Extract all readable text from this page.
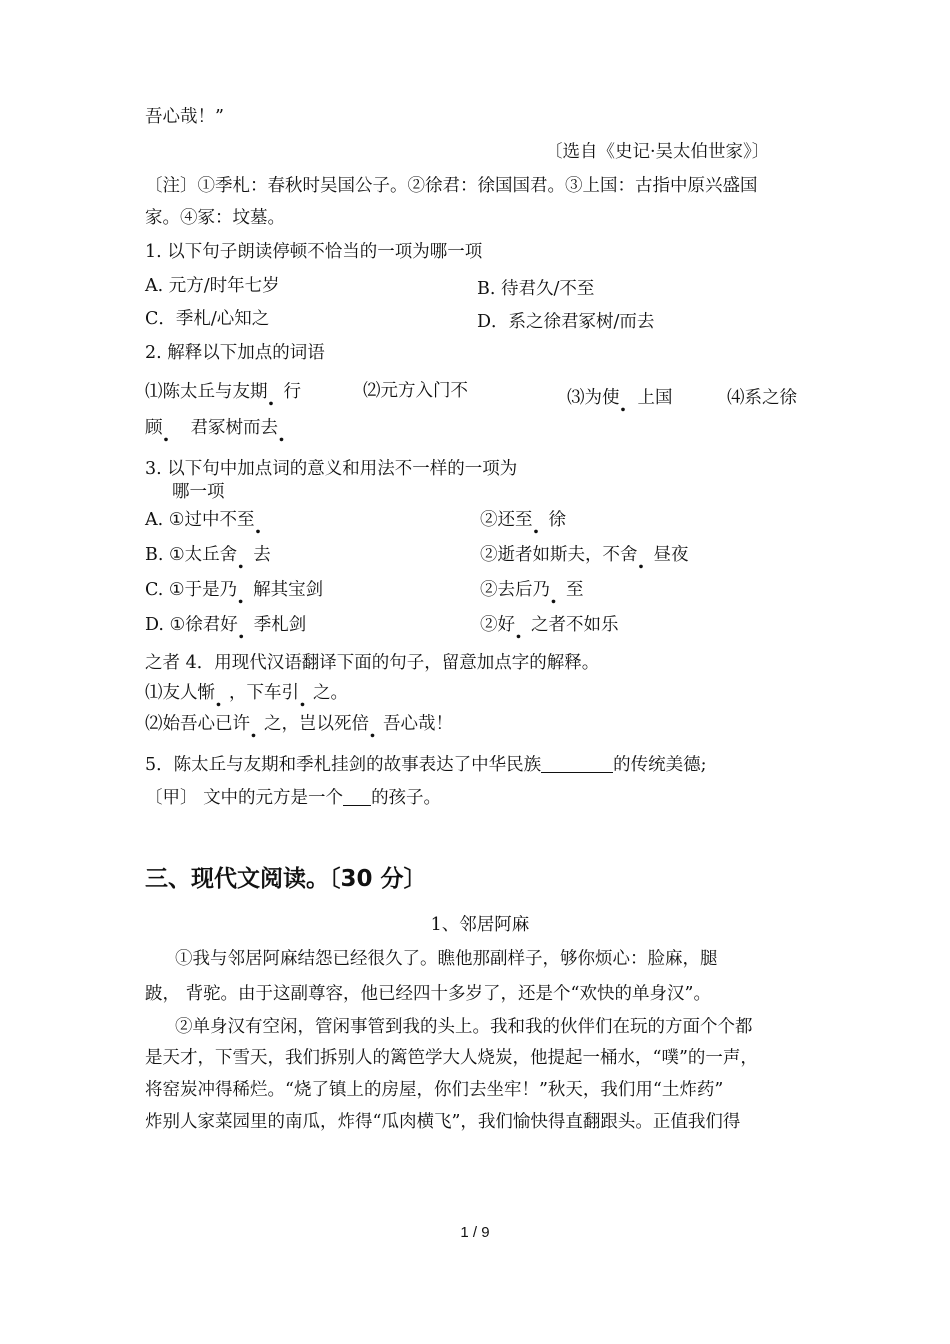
吾心哉！”
〔选自《史记·吴太伯世家》〕
〔注〕①季札：春秋时吴国公子。②徐君：徐国国君。③上国：古指中原兴盛国
家。④冢：坟墓。
1. 以下句子朗读停顿不恰当的一项为哪一项
A. 元方/时年七岁	B. 待君久/不至
C．季札/心知之	D．系之徐君冢树/而去
2. 解释以下加点的词语
⑴陈太丘与友期 行	⑵元方入门不	⑶为使 上国	⑷系之徐
顾 君冢树而去
3. 以下句中加点词的意义和用法不一样的一项为
哪一项
A. ①过中不至	②还至 徐
B. ①太丘舍 去	②逝者如斯夫，不舍 昼夜
C. ①于是乃 解其宝剑	②去后乃 至
D. ①徐君好 季札剑	②好 之者不如乐
之者 4．用现代汉语翻译下面的句子，留意加点字的解释。
⑴友人惭 ，下车引 之。
⑵始吾心已许 之，岂以死倍 吾心哉！
5．陈太丘与友期和季札挂剑的故事表达了中华民族	的传统美德;
〔甲〕 文中的元方是一个 的孩子。
三、现代文阅读。〔30 分〕
1、邻居阿麻
①我与邻居阿麻结怨已经很久了。瞧他那副样子，够你烦心：脸麻，腿
跛， 背驼。由于这副尊容，他已经四十多岁了，还是个“欢快的单身汉”。
②单身汉有空闲，管闲事管到我的头上。我和我的伙伴们在玩的方面个个都
是天才，下雪天，我们拆别人的篱笆学大人烧炭，他提起一桶水，“噗”的一声，
将窑炭冲得稀烂。“烧了镇上的房屋，你们去坐牢！”秋天，我们用“土炸药”
炸别人家菜园里的南瓜，炸得“瓜肉横飞”，我们愉快得直翻跟头。正值我们得
1 / 9
